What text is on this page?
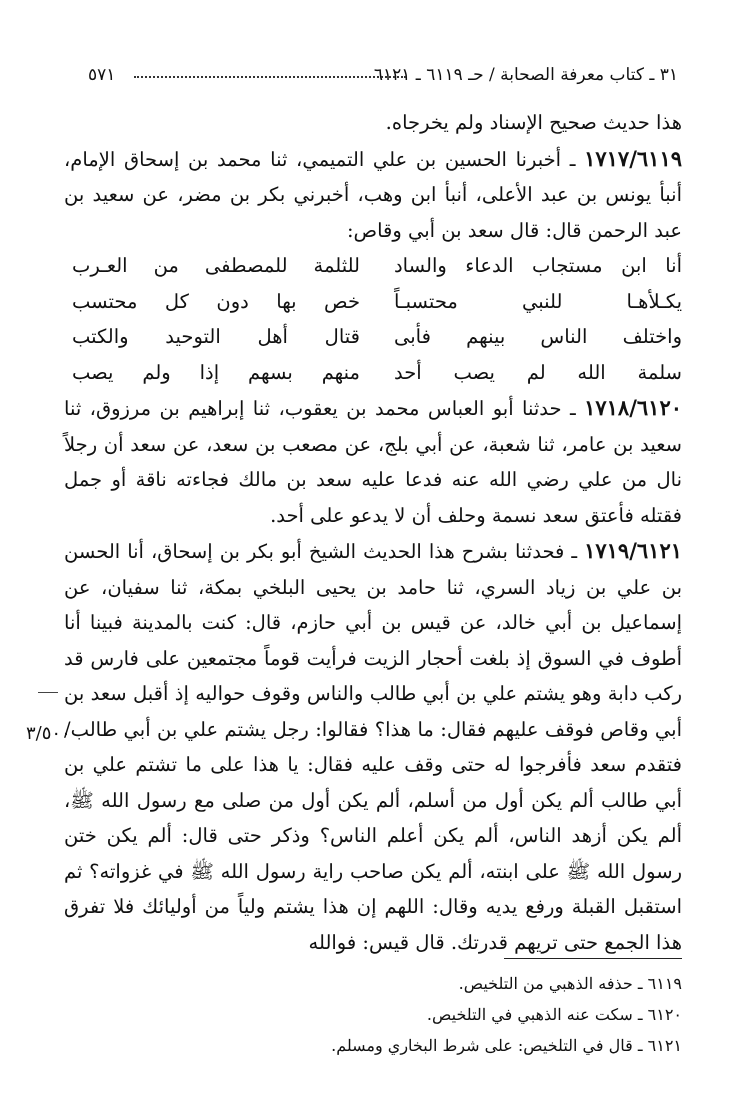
٣١ ـ كتاب معرفة الصحابة / حـ ٦١١٩ ـ ٦١٢١
٥٧١

هذا حديث صحيح الإسناد ولم يخرجاه.

١٧١٧/٦١١٩ ـ أخبرنا الحسين بن علي التميمي، ثنا محمد بن إسحاق الإمام، أنبأ يونس بن عبد الأعلى، أنبأ ابن وهب، أخبرني بكر بن مضر، عن سعيد بن عبد الرحمن قال: قال سعد بن أبي وقاص:

أنا ابن مستجاب الدعاء والساد
للثلمة للمصطفى من العـرب
يكـلأهـا للنبي محتسبـاً
خص بها دون كل محتسب
واختلف الناس بينهم فأبى
قتال أهل التوحيد والكتب
سلمة الله لم يصب أحد
منهم بسهم إذا ولم يصب

١٧١٨/٦١٢٠ ـ حدثنا أبو العباس محمد بن يعقوب، ثنا إبراهيم بن مرزوق، ثنا سعيد بن عامر، ثنا شعبة، عن أبي بلج، عن مصعب بن سعد، عن سعد أن رجلاً نال من علي رضي الله عنه فدعا عليه سعد بن مالك فجاءته ناقة أو جمل فقتله فأعتق سعد نسمة وحلف أن لا يدعو على أحد.

١٧١٩/٦١٢١ ـ فحدثنا بشرح هذا الحديث الشيخ أبو بكر بن إسحاق، أنا الحسن بن علي بن زياد السري، ثنا حامد بن يحيى البلخي بمكة، ثنا سفيان، عن إسماعيل بن أبي خالد، عن قيس بن أبي حازم، قال: كنت بالمدينة فبينا أنا أطوف في السوق إذ بلغت أحجار الزيت فرأيت قوماً مجتمعين على فارس قد ركب دابة وهو يشتم علي بن أبي طالب والناس وقوف حواليه إذ أقبل سعد بن أبي وقاص فوقف عليهم فقال: ما هذا؟ فقالوا: رجل يشتم علي بن أبي طالب/ فتقدم سعد فأفرجوا له حتى وقف عليه فقال: يا هذا على ما تشتم علي بن أبي طالب ألم يكن أول من أسلم، ألم يكن أول من صلى مع رسول الله ﷺ، ألم يكن أزهد الناس، ألم يكن أعلم الناس؟ وذكر حتى قال: ألم يكن ختن رسول الله ﷺ على ابنته، ألم يكن صاحب راية رسول الله ﷺ في غزواته؟ ثم استقبل القبلة ورفع يديه وقال: اللهم إن هذا يشتم ولياً من أوليائك فلا تفرق هذا الجمع حتى تريهم قدرتك. قال قيس: فوالله

٣/٥٠٠
٦١١٩ ـ حذفه الذهبي من التلخيص.
٦١٢٠ ـ سكت عنه الذهبي في التلخيص.
٦١٢١ ـ قال في التلخيص: على شرط البخاري ومسلم.
